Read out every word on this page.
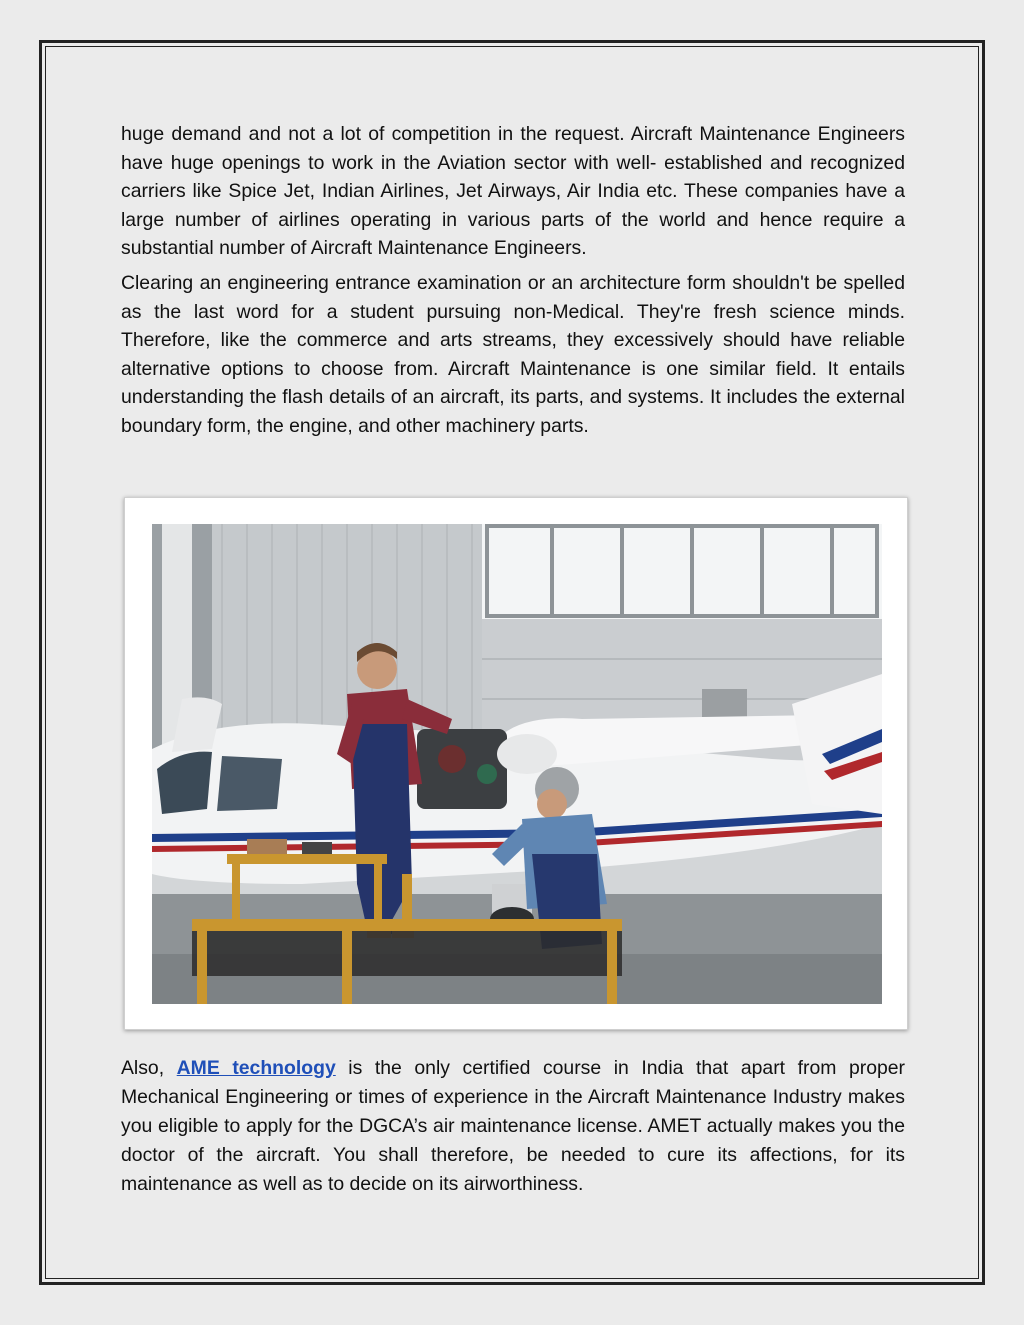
huge demand and not a lot of competition in the request. Aircraft Maintenance Engineers have huge openings to work in the Aviation sector with well- established and recognized carriers like Spice Jet, Indian Airlines, Jet Airways, Air India etc. These companies have a large number of airlines operating in various parts of the world and hence require a substantial number of Aircraft Maintenance Engineers.

Clearing an engineering entrance examination or an architecture form shouldn't be spelled as the last word for a student pursuing non-Medical. They're fresh science minds. Therefore, like the commerce and arts streams, they excessively should have reliable alternative options to choose from. Aircraft Maintenance is one similar field. It entails understanding the flash details of an aircraft, its parts, and systems. It includes the external boundary form, the engine, and other machinery parts.

Also, AME technology is the only certified course in India that apart from proper Mechanical Engineering or times of experience in the Aircraft Maintenance Industry makes you eligible to apply for the DGCA’s air maintenance license. AMET actually makes you the doctor of the aircraft. You shall therefore, be needed to cure its affections, for its maintenance as well as to decide on its airworthiness.
